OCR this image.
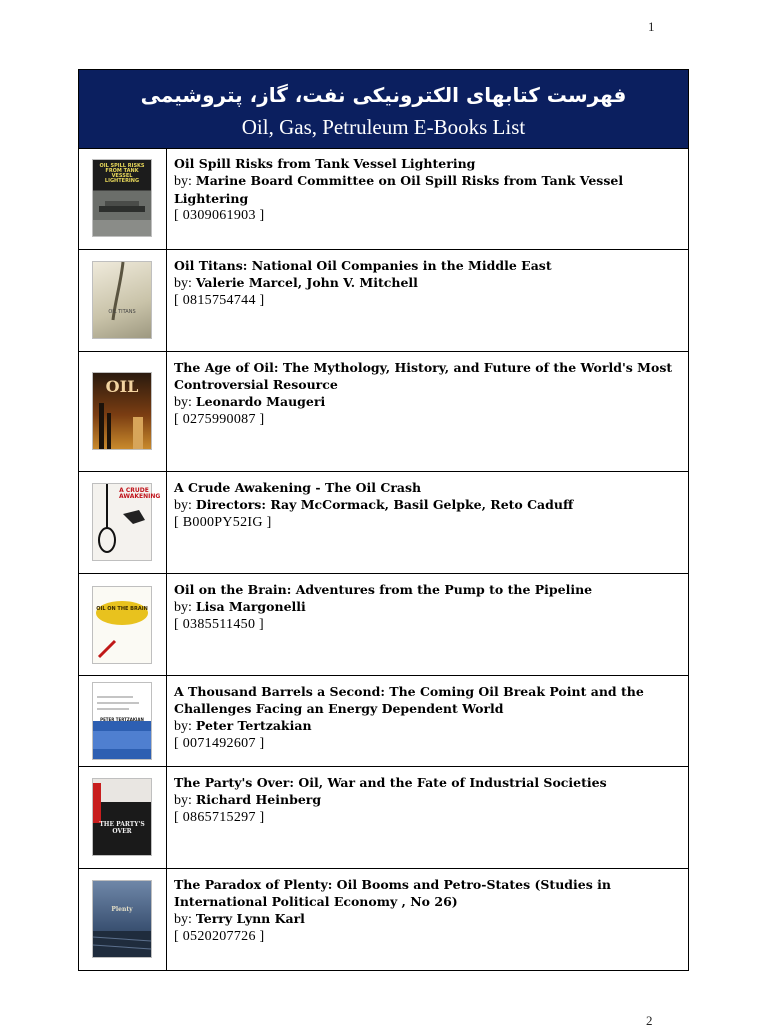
1
فهرست کتابهای الکترونیکی نفت، گاز، پتروشیمی
Oil, Gas, Petruleum E-Books List
OIL SPILL RISKS FROM TANK VESSEL LIGHTERING
Oil Spill Risks from Tank Vessel Lightering
by: Marine Board Committee on Oil Spill Risks from Tank Vessel Lightering
[ 0309061903 ]
OIL TITANS
Oil Titans: National Oil Companies in the Middle East
by: Valerie Marcel, John V. Mitchell
[ 0815754744 ]
OIL
The Age of Oil: The Mythology, History, and Future of the World's Most Controversial Resource
by: Leonardo Maugeri
[ 0275990087 ]
A CRUDE AWAKENING
A Crude Awakening - The Oil Crash
by: Directors: Ray McCormack, Basil Gelpke, Reto Caduff
[ B000PY52IG ]
OIL ON THE BRAIN
Oil on the Brain: Adventures from the Pump to the Pipeline
by: Lisa Margonelli
[ 0385511450 ]
PETER TERTZAKIAN
A Thousand Barrels a Second: The Coming Oil Break Point and the Challenges Facing an Energy Dependent World
by: Peter Tertzakian
[ 0071492607 ]
THE PARTY'S OVER
The Party's Over: Oil, War and the Fate of Industrial Societies
by: Richard Heinberg
[ 0865715297 ]
Plenty
The Paradox of Plenty: Oil Booms and Petro-States (Studies in International Political Economy , No 26)
by: Terry Lynn Karl
[ 0520207726 ]
2
